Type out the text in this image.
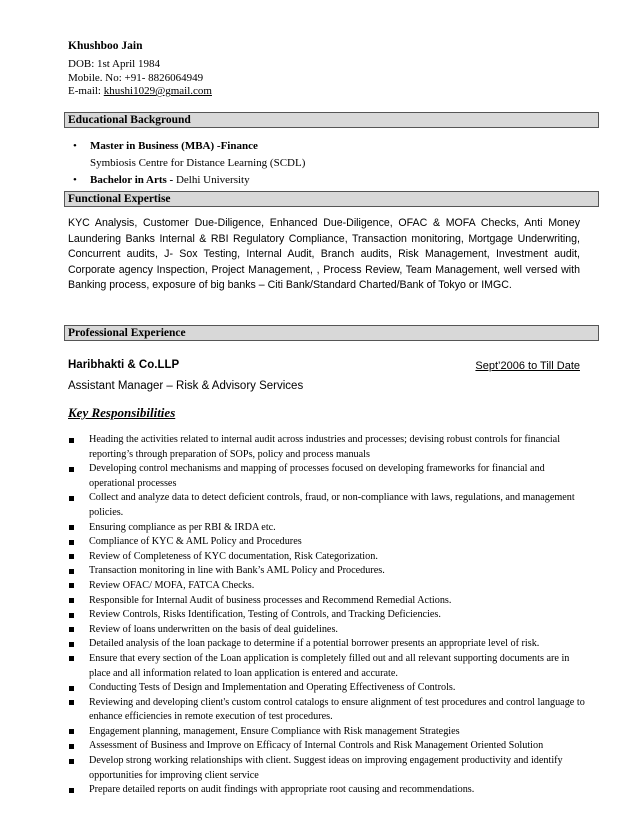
Khushboo Jain
DOB: 1st April 1984
Mobile. No: +91- 8826064949
E-mail: khushi1029@gmail.com
Educational Background
• Master in Business (MBA) -Finance
Symbiosis Centre for Distance Learning (SCDL)
• Bachelor in Arts - Delhi University
Functional Expertise
KYC Analysis, Customer Due-Diligence, Enhanced Due-Diligence, OFAC & MOFA Checks, Anti Money Laundering Banks Internal & RBI Regulatory Compliance, Transaction monitoring, Mortgage Underwriting, Concurrent audits, J- Sox Testing, Internal Audit, Branch audits, Risk Management, Investment audit, Corporate agency Inspection, Project Management, , Process Review, Team Management, well versed with Banking process, exposure of big banks – Citi Bank/Standard Charted/Bank of Tokyo or IMGC.
Professional Experience
Haribhakti & Co.LLP	Sept’2006 to Till Date
Assistant Manager – Risk & Advisory Services
Key Responsibilities
Heading the activities related to internal audit across industries and processes; devising robust controls for financial reporting’s through preparation of SOPs, policy and process manuals
Developing control mechanisms and mapping of processes focused on developing frameworks for financial and operational processes
Collect and analyze data to detect deficient controls, fraud, or non-compliance with laws, regulations, and management policies.
Ensuring compliance as per RBI & IRDA etc.
Compliance of KYC & AML Policy and Procedures
Review of Completeness of KYC documentation, Risk Categorization.
Transaction monitoring in line with Bank’s AML Policy and Procedures.
Review OFAC/ MOFA, FATCA Checks.
Responsible for Internal Audit of business processes and Recommend Remedial Actions.
Review Controls, Risks Identification, Testing of Controls, and Tracking Deficiencies.
Review of loans underwritten on the basis of deal guidelines.
Detailed analysis of the loan package to determine if a potential borrower presents an appropriate level of risk.
Ensure that every section of the Loan application is completely filled out and all relevant supporting documents are in place and all information related to loan application is entered and accurate.
Conducting Tests of Design and Implementation and Operating Effectiveness of Controls.
Reviewing and developing client's custom control catalogs to ensure alignment of test procedures and control language to enhance efficiencies in remote execution of test procedures.
Engagement planning, management, Ensure Compliance with Risk management Strategies
Assessment of Business and Improve on Efficacy of Internal Controls and Risk Management Oriented Solution
Develop strong working relationships with client. Suggest ideas on improving engagement productivity and identify opportunities for improving client service
Prepare detailed reports on audit findings with appropriate root causing and recommendations.
